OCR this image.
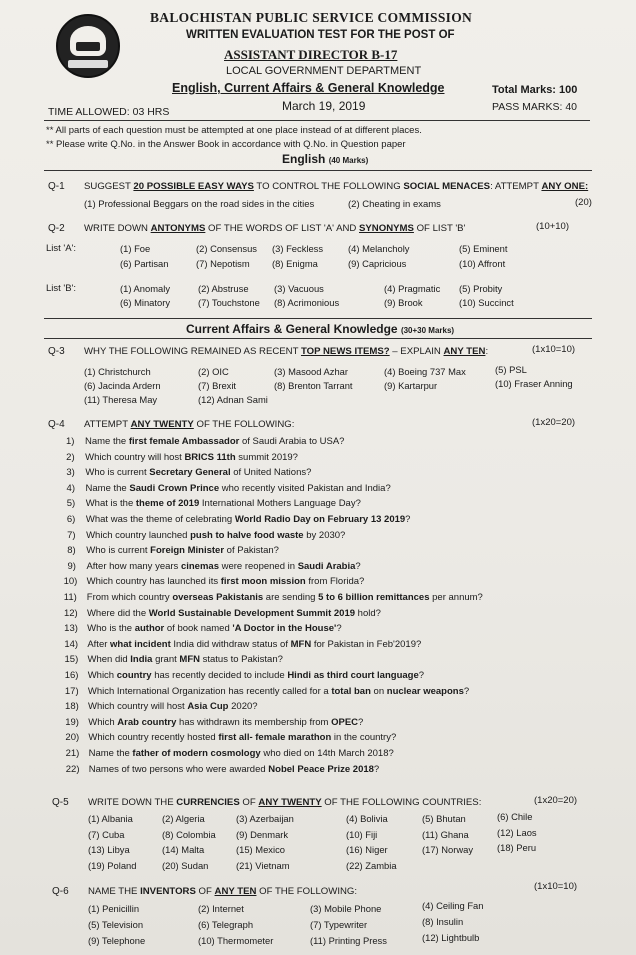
BALOCHISTAN PUBLIC SERVICE COMMISSION
WRITTEN EVALUATION TEST FOR THE POST OF
ASSISTANT DIRECTOR B-17
LOCAL GOVERNMENT DEPARTMENT
English, Current Affairs & General Knowledge
March 19, 2019
Total Marks: 100
PASS MARKS: 40
TIME ALLOWED: 03 HRS
** All parts of each question must be attempted at one place instead of at different places.
** Please write Q.No. in the Answer Book in accordance with Q.No. in Question paper
English (40 Marks)
Q-1 SUGGEST 20 POSSIBLE EASY WAYS TO CONTROL THE FOLLOWING SOCIAL MENACES: ATTEMPT ANY ONE:
(1) Professional Beggars on the road sides in the cities	(2) Cheating in exams	(20)
Q-2 WRITE DOWN ANTONYMS OF THE WORDS OF LIST 'A' AND SYNONYMS OF LIST 'B'	(10+10)
List 'A':	(1) Foe	(2) Consensus (3) Feckless	(4) Melancholy	(5) Eminent
(6) Partisan	(7) Nepotism (8) Enigma	(9) Capricious	(10) Affront
List 'B':	(1) Anomaly	(2) Abstruse	(3) Vacuous	(4) Pragmatic (5) Probity
(6) Minatory	(7) Touchstone (8) Acrimonious	(9) Brook	(10) Succinct
Current Affairs & General Knowledge (30+30 Marks)
Q-3 WHY THE FOLLOWING REMAINED AS RECENT TOP NEWS ITEMS? – EXPLAIN ANY TEN:	(1x10=10)
(1) Christchurch	(2) OIC	(3) Masood Azhar	(4) Boeing 737 Max	(5) PSL
(6) Jacinda Ardern	(7) Brexit	(8) Brenton Tarrant	(9) Kartarpur	(10) Fraser Anning
(11) Theresa May	(12) Adnan Sami
Q-4 ATTEMPT ANY TWENTY OF THE FOLLOWING:	(1x20=20)
1) Name the first female Ambassador of Saudi Arabia to USA?
2) Which country will host BRICS 11th summit 2019?
3) Who is current Secretary General of United Nations?
4) Name the Saudi Crown Prince who recently visited Pakistan and India?
5) What is the theme of 2019 International Mothers Language Day?
6) What was the theme of celebrating World Radio Day on February 13 2019?
7) Which country launched push to halve food waste by 2030?
8) Who is current Foreign Minister of Pakistan?
9) After how many years cinemas were reopened in Saudi Arabia?
10) Which country has launched its first moon mission from Florida?
11) From which country overseas Pakistanis are sending 5 to 6 billion remittances per annum?
12) Where did the World Sustainable Development Summit 2019 hold?
13) Who is the author of book named 'A Doctor in the House'?
14) After what incident India did withdraw status of MFN for Pakistan in Feb'2019?
15) When did India grant MFN status to Pakistan?
16) Which country has recently decided to include Hindi as third court language?
17) Which International Organization has recently called for a total ban on nuclear weapons?
18) Which country will host Asia Cup 2020?
19) Which Arab country has withdrawn its membership from OPEC?
20) Which country recently hosted first all- female marathon in the country?
21) Name the father of modern cosmology who died on 14th March 2018?
22) Names of two persons who were awarded Nobel Peace Prize 2018?
Q-5 WRITE DOWN THE CURRENCIES OF ANY TWENTY OF THE FOLLOWING COUNTRIES:	(1x20=20)
(1) Albania	(2) Algeria	(3) Azerbaijan	(4) Bolivia	(5) Bhutan	(6) Chile
(7) Cuba	(8) Colombia (9) Denmark	(10) Fiji	(11) Ghana	(12) Laos
(13) Libya	(14) Malta	(15) Mexico	(16) Niger	(17) Norway	(18) Peru
(19) Poland	(20) Sudan	(21) Vietnam	(22) Zambia
Q-6 NAME THE INVENTORS OF ANY TEN OF THE FOLLOWING:	(1x10=10)
(1) Penicillin	(2) Internet	(3) Mobile Phone	(4) Ceiling Fan
(5) Television	(6) Telegraph	(7) Typewriter	(8) Insulin
(9) Telephone	(10) Thermometer	(11) Printing Press	(12) Lightbulb
